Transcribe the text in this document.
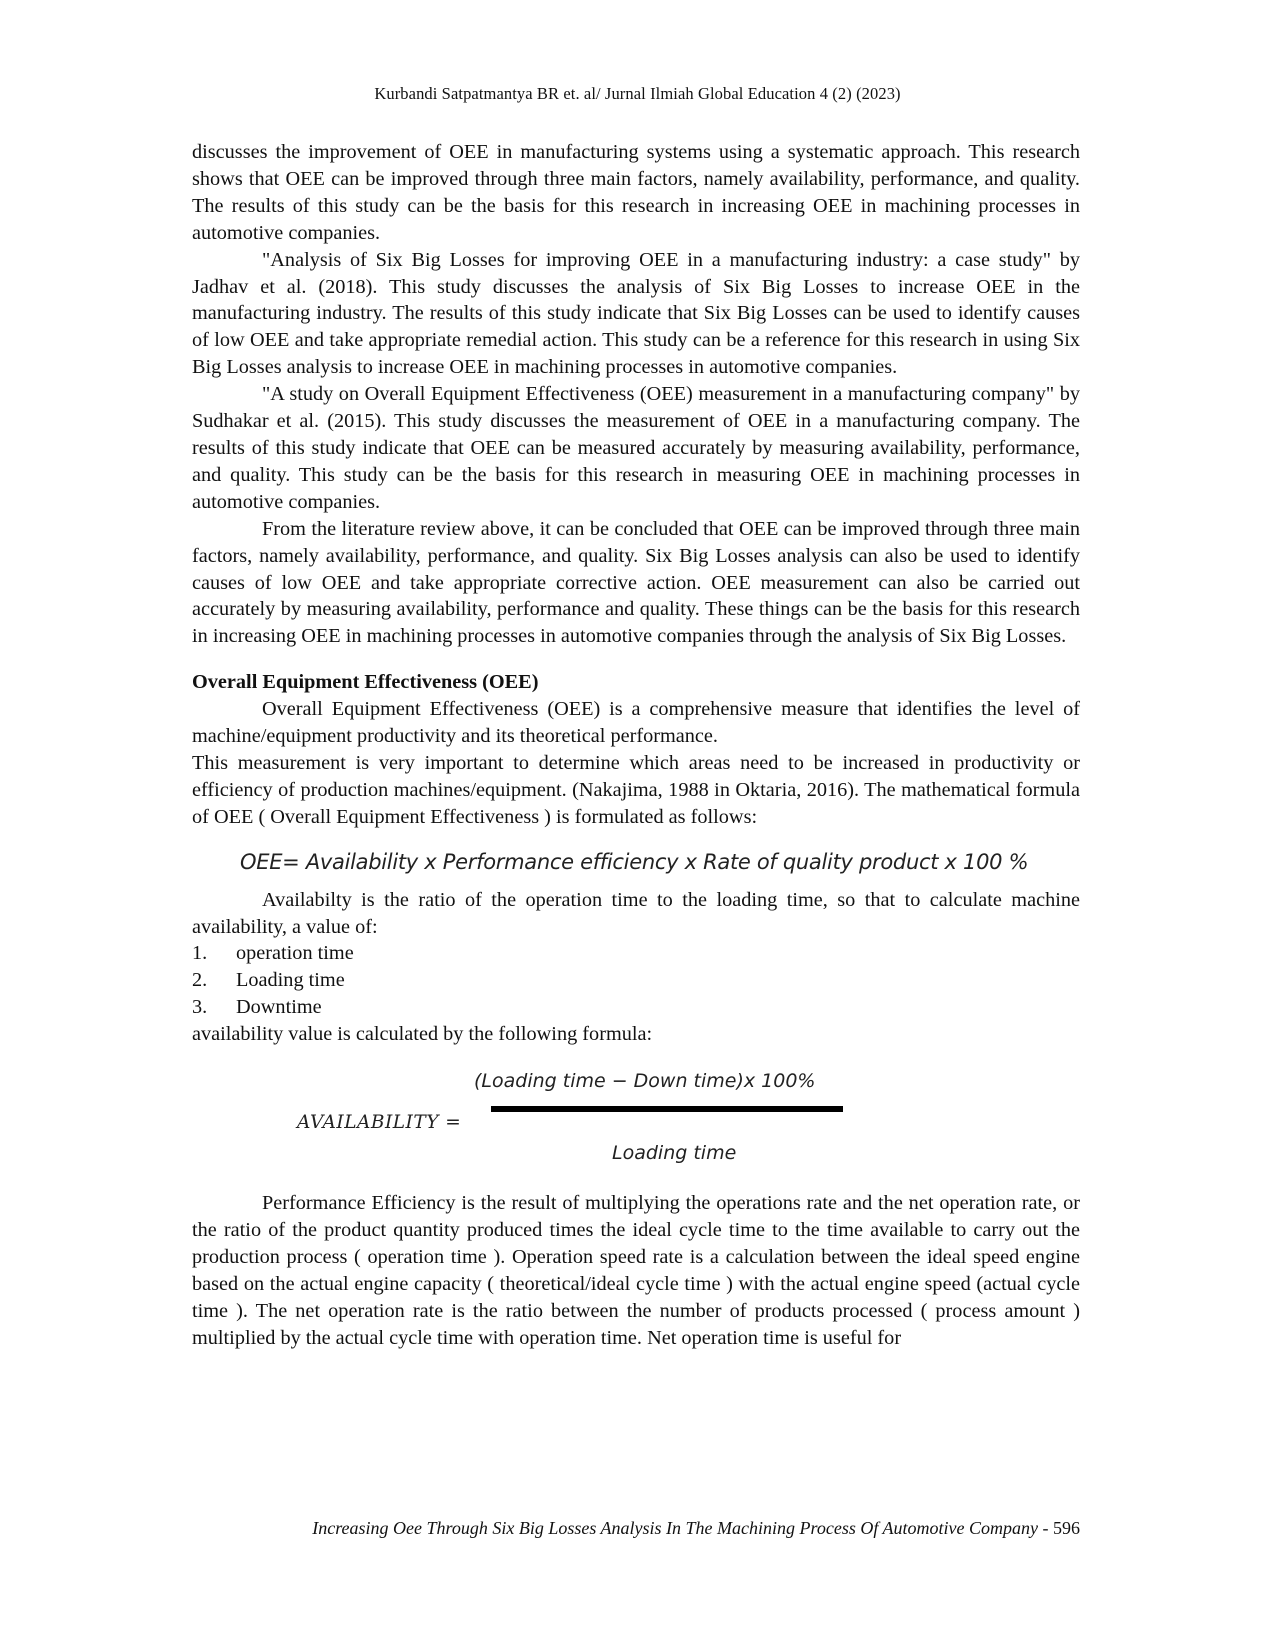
Kurbandi Satpatmantya BR et. al/ Jurnal Ilmiah Global Education 4 (2) (2023)

discusses the improvement of OEE in manufacturing systems using a systematic approach. This research shows that OEE can be improved through three main factors, namely availability, performance, and quality. The results of this study can be the basis for this research in increasing OEE in machining processes in automotive companies.

"Analysis of Six Big Losses for improving OEE in a manufacturing industry: a case study" by Jadhav et al. (2018). This study discusses the analysis of Six Big Losses to increase OEE in the manufacturing industry. The results of this study indicate that Six Big Losses can be used to identify causes of low OEE and take appropriate remedial action. This study can be a reference for this research in using Six Big Losses analysis to increase OEE in machining processes in automotive companies.

"A study on Overall Equipment Effectiveness (OEE) measurement in a manufacturing company" by Sudhakar et al. (2015). This study discusses the measurement of OEE in a manufacturing company. The results of this study indicate that OEE can be measured accurately by measuring availability, performance, and quality. This study can be the basis for this research in measuring OEE in machining processes in automotive companies.

From the literature review above, it can be concluded that OEE can be improved through three main factors, namely availability, performance, and quality. Six Big Losses analysis can also be used to identify causes of low OEE and take appropriate corrective action. OEE measurement can also be carried out accurately by measuring availability, performance and quality. These things can be the basis for this research in increasing OEE in machining processes in automotive companies through the analysis of Six Big Losses.

Overall Equipment Effectiveness (OEE)

Overall Equipment Effectiveness (OEE) is a comprehensive measure that identifies the level of machine/equipment productivity and its theoretical performance.

This measurement is very important to determine which areas need to be increased in productivity or efficiency of production machines/equipment. (Nakajima, 1988 in Oktaria, 2016). The mathematical formula of OEE ( Overall Equipment Effectiveness ) is formulated as follows:

OEE= Availability x Performance efficiency x Rate of quality product x 100 %

Availabilty is the ratio of the operation time to the loading time, so that to calculate machine availability, a value of:

1.	operation time
2.	Loading time
3.	Downtime

availability value is calculated by the following formula:

AVAILABILITY =
(Loading time − Down time)x 100%
Loading time

Performance Efficiency is the result of multiplying the operations rate and the net operation rate, or the ratio of the product quantity produced times the ideal cycle time to the time available to carry out the production process ( operation time ). Operation speed rate is a calculation between the ideal speed engine based on the actual engine capacity ( theoretical/ideal cycle time ) with the actual engine speed (actual cycle time ). The net operation rate is the ratio between the number of products processed ( process amount ) multiplied by the actual cycle time with operation time. Net operation time is useful for

Increasing Oee Through Six Big Losses Analysis In The Machining Process Of Automotive Company - 596
